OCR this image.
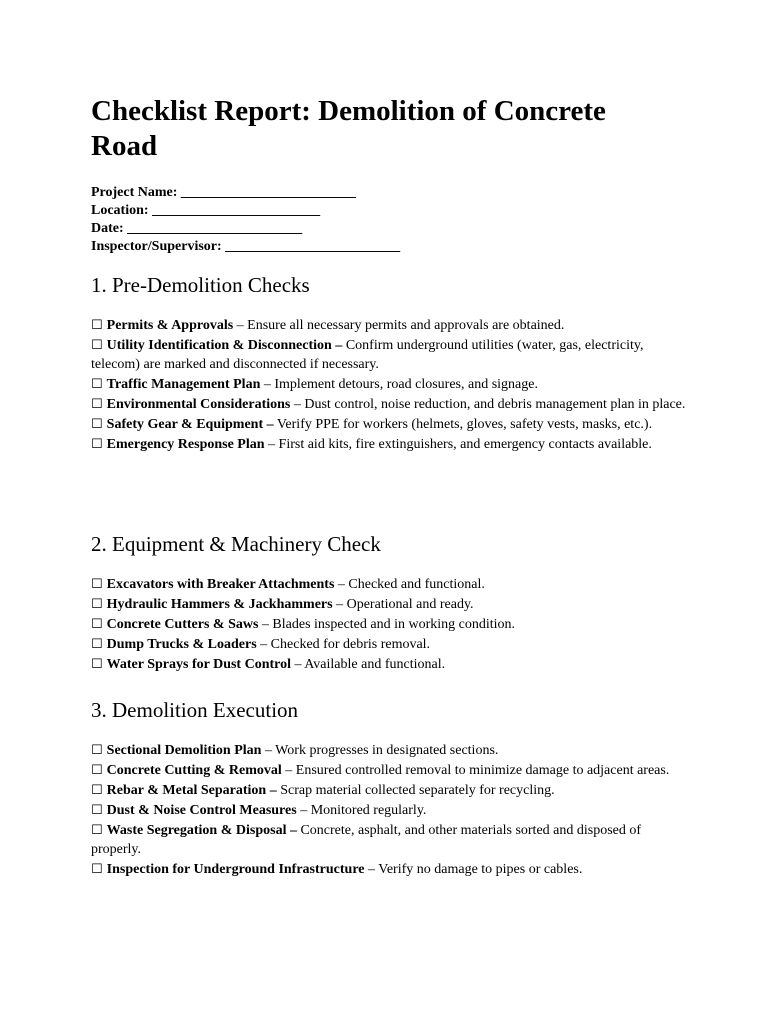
Checklist Report: Demolition of Concrete Road
Project Name: _________________________
Location: ________________________
Date: _________________________
Inspector/Supervisor: _________________________
1. Pre-Demolition Checks
☐ Permits & Approvals – Ensure all necessary permits and approvals are obtained.
☐ Utility Identification & Disconnection – Confirm underground utilities (water, gas, electricity, telecom) are marked and disconnected if necessary.
☐ Traffic Management Plan – Implement detours, road closures, and signage.
☐ Environmental Considerations – Dust control, noise reduction, and debris management plan in place.
☐ Safety Gear & Equipment – Verify PPE for workers (helmets, gloves, safety vests, masks, etc.).
☐ Emergency Response Plan – First aid kits, fire extinguishers, and emergency contacts available.
2. Equipment & Machinery Check
☐ Excavators with Breaker Attachments – Checked and functional.
☐ Hydraulic Hammers & Jackhammers – Operational and ready.
☐ Concrete Cutters & Saws – Blades inspected and in working condition.
☐ Dump Trucks & Loaders – Checked for debris removal.
☐ Water Sprays for Dust Control – Available and functional.
3. Demolition Execution
☐ Sectional Demolition Plan – Work progresses in designated sections.
☐ Concrete Cutting & Removal – Ensured controlled removal to minimize damage to adjacent areas.
☐ Rebar & Metal Separation – Scrap material collected separately for recycling.
☐ Dust & Noise Control Measures – Monitored regularly.
☐ Waste Segregation & Disposal – Concrete, asphalt, and other materials sorted and disposed of properly.
☐ Inspection for Underground Infrastructure – Verify no damage to pipes or cables.
